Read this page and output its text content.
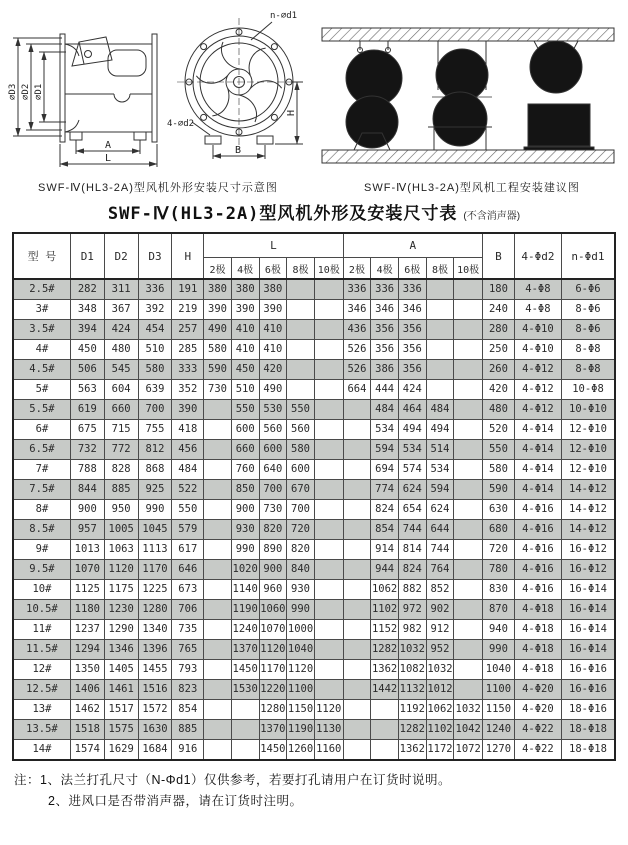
∅D3 ∅D2 ∅D1
A
L
n-∅d1
4-∅d2
B
H
SWF-Ⅳ(HL3-2A)型风机外形安装尺寸示意图	SWF-Ⅳ(HL3-2A)型风机工程安装建议图
SWF-Ⅳ(HL3-2A)型风机外形及安装尺寸表 (不含消声器)
型 号	D1	D2	D3	H	L					A					B	4-Φd2	n-Φd1
					2极	4极	6极	8极	10极	2极	4极	6极	8极	10极			
2.5#	282	311	336	191	380	380	380			336	336	336			180	4-Φ8	6-Φ6
3#	348	367	392	219	390	390	390			346	346	346			240	4-Φ8	8-Φ6
3.5#	394	424	454	257	490	410	410			436	356	356			280	4-Φ10	8-Φ6
4#	450	480	510	285	580	410	410			526	356	356			250	4-Φ10	8-Φ8
4.5#	506	545	580	333	590	450	420			526	386	356			260	4-Φ12	8-Φ8
5#	563	604	639	352	730	510	490			664	444	424			420	4-Φ12	10-Φ8
5.5#	619	660	700	390		550	530	550			484	464	484		480	4-Φ12	10-Φ10
6#	675	715	755	418		600	560	560			534	494	494		520	4-Φ14	12-Φ10
6.5#	732	772	812	456		660	600	580			594	534	514		550	4-Φ14	12-Φ10
7#	788	828	868	484		760	640	600			694	574	534		580	4-Φ14	12-Φ10
7.5#	844	885	925	522		850	700	670			774	624	594		590	4-Φ14	14-Φ12
8#	900	950	990	550		900	730	700			824	654	624		630	4-Φ16	14-Φ12
8.5#	957	1005	1045	579		930	820	720			854	744	644		680	4-Φ16	14-Φ12
9#	1013	1063	1113	617		990	890	820			914	814	744		720	4-Φ16	16-Φ12
9.5#	1070	1120	1170	646		1020	900	840			944	824	764		780	4-Φ16	16-Φ12
10#	1125	1175	1225	673		1140	960	930			1062	882	852		830	4-Φ16	16-Φ14
10.5#	1180	1230	1280	706		1190	1060	990			1102	972	902		870	4-Φ18	16-Φ14
11#	1237	1290	1340	735		1240	1070	1000			1152	982	912		940	4-Φ18	16-Φ14
11.5#	1294	1346	1396	765		1370	1120	1040			1282	1032	952		990	4-Φ18	16-Φ14
12#	1350	1405	1455	793		1450	1170	1120			1362	1082	1032		1040	4-Φ18	16-Φ16
12.5#	1406	1461	1516	823		1530	1220	1100			1442	1132	1012		1100	4-Φ20	16-Φ16
13#	1462	1517	1572	854			1280	1150	1120			1192	1062	1032	1150	4-Φ20	18-Φ16
13.5#	1518	1575	1630	885			1370	1190	1130			1282	1102	1042	1240	4-Φ22	18-Φ18
14#	1574	1629	1684	916			1450	1260	1160			1362	1172	1072	1270	4-Φ22	18-Φ18
注：1、法兰打孔尺寸（N-Φd1）仅供参考，若要打孔请用户在订货时说明。
2、进风口是否带消声器，请在订货时注明。
